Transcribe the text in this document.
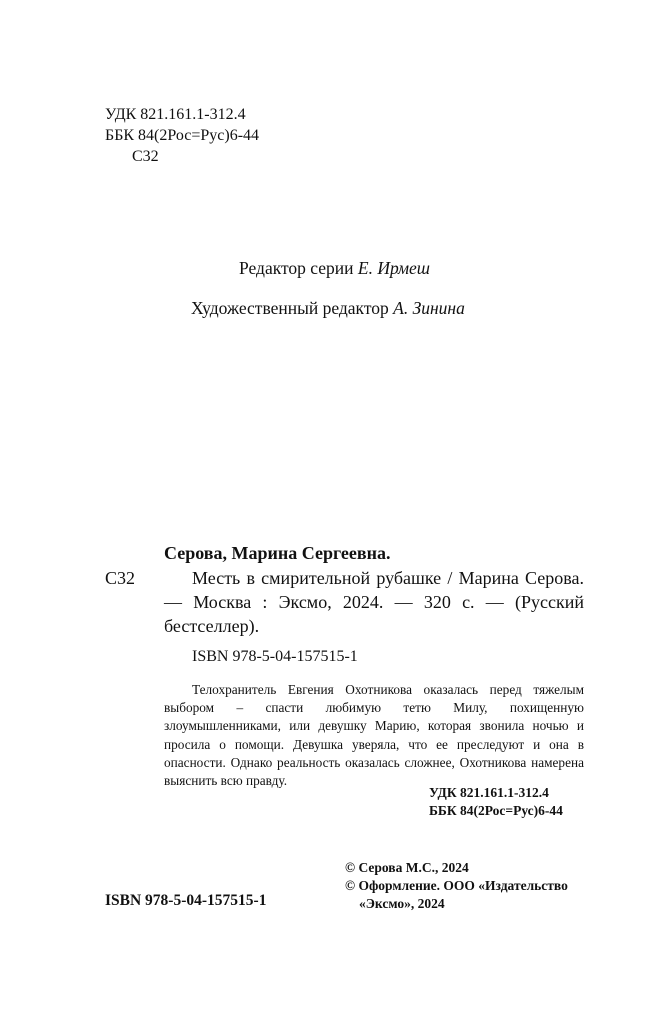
УДК 821.161.1-312.4
ББК 84(2Рос=Рус)6-44
С32
Редактор серии Е. Ирмеш
Художественный редактор А. Зинина
Серова, Марина Сергеевна.
С32	Месть в смирительной рубашке / Марина Серова. — Москва : Эксмо, 2024. — 320 с. — (Русский бестселлер).
ISBN 978-5-04-157515-1
Телохранитель Евгения Охотникова оказалась перед тяжелым выбором – спасти любимую тетю Милу, похищенную злоумышленниками, или девушку Марию, которая звонила ночью и просила о помощи. Девушка уверяла, что ее преследуют и она в опасности. Однако реальность оказалась сложнее, Охотникова намерена выяснить всю правду.
УДК 821.161.1-312.4
ББК 84(2Рос=Рус)6-44
© Серова М.С., 2024
© Оформление. ООО «Издательство
«Эксмо», 2024
ISBN 978-5-04-157515-1
